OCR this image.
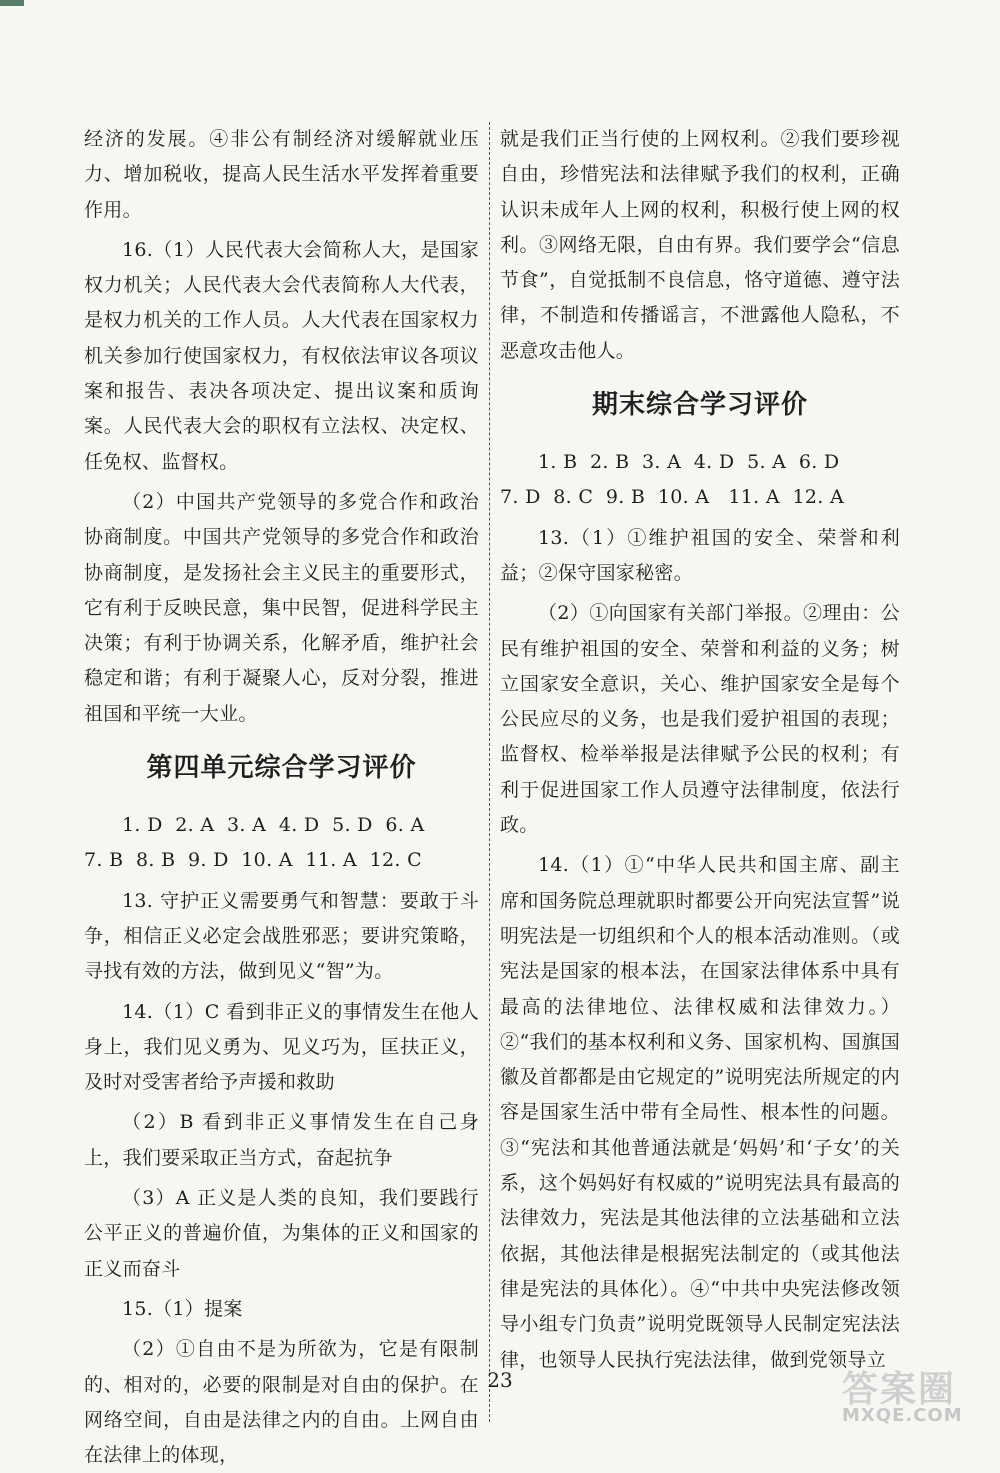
经济的发展。④非公有制经济对缓解就业压力、增加税收，提高人民生活水平发挥着重要作用。

16.（1）人民代表大会简称人大，是国家权力机关；人民代表大会代表简称人大代表，是权力机关的工作人员。人大代表在国家权力机关参加行使国家权力，有权依法审议各项议案和报告、表决各项决定、提出议案和质询案。人民代表大会的职权有立法权、决定权、任免权、监督权。

（2）中国共产党领导的多党合作和政治协商制度。中国共产党领导的多党合作和政治协商制度，是发扬社会主义民主的重要形式，它有利于反映民意，集中民智，促进科学民主决策；有利于协调关系，化解矛盾，维护社会稳定和谐；有利于凝聚人心，反对分裂，推进祖国和平统一大业。

第四单元综合学习评价

1. D  2. A  3. A  4. D  5. D  6. A

7. B  8. B  9. D  10. A  11. A  12. C

13. 守护正义需要勇气和智慧：要敢于斗争，相信正义必定会战胜邪恶；要讲究策略，寻找有效的方法，做到见义“智”为。

14.（1）C 看到非正义的事情发生在他人身上，我们见义勇为、见义巧为，匡扶正义，及时对受害者给予声援和救助

（2）B 看到非正义事情发生在自己身上，我们要采取正当方式，奋起抗争

（3）A 正义是人类的良知，我们要践行公平正义的普遍价值，为集体的正义和国家的正义而奋斗

15.（1）提案

（2）①自由不是为所欲为，它是有限制的、相对的，必要的限制是对自由的保护。在网络空间，自由是法律之内的自由。上网自由在法律上的体现，

就是我们正当行使的上网权利。②我们要珍视自由，珍惜宪法和法律赋予我们的权利，正确认识未成年人上网的权利，积极行使上网的权利。③网络无限，自由有界。我们要学会“信息节食”，自觉抵制不良信息，恪守道德、遵守法律，不制造和传播谣言，不泄露他人隐私，不恶意攻击他人。

期末综合学习评价

1. B  2. B  3. A  4. D  5. A  6. D

7. D  8. C  9. B  10. A   11. A  12. A

13.（1）①维护祖国的安全、荣誉和利益；②保守国家秘密。

（2）①向国家有关部门举报。②理由：公民有维护祖国的安全、荣誉和利益的义务；树立国家安全意识，关心、维护国家安全是每个公民应尽的义务，也是我们爱护祖国的表现；监督权、检举举报是法律赋予公民的权利；有利于促进国家工作人员遵守法律制度，依法行政。

14.（1）①“中华人民共和国主席、副主席和国务院总理就职时都要公开向宪法宣誓”说明宪法是一切组织和个人的根本活动准则。（或宪法是国家的根本法，在国家法律体系中具有最高的法律地位、法律权威和法律效力。）②“我们的基本权利和义务、国家机构、国旗国徽及首都都是由它规定的”说明宪法所规定的内容是国家生活中带有全局性、根本性的问题。③“宪法和其他普通法就是‘妈妈’和‘子女’的关系，这个妈妈好有权威的”说明宪法具有最高的法律效力，宪法是其他法律的立法基础和立法依据，其他法律是根据宪法制定的（或其他法律是宪法的具体化）。④“中共中央宪法修改领导小组专门负责”说明党既领导人民制定宪法法律，也领导人民执行宪法法律，做到党领导立

23	答案圈
MXQE.COM
